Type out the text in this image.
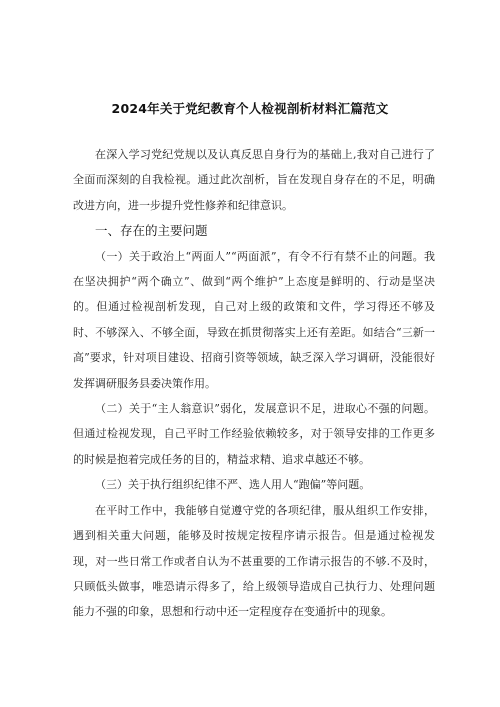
2024年关于党纪教育个人检视剖析材料汇篇范文

在深入学习党纪党规以及认真反思自身行为的基础上,我对自己进行了全面而深刻的自我检视。通过此次剖析，旨在发现自身存在的不足，明确改进方向，进一步提升党性修养和纪律意识。

一、存在的主要问题

（一）关于政治上“两面人”“两面派”，有令不行有禁不止的问题。我在坚决拥护“两个确立”、做到“两个维护”上态度是鲜明的、行动是坚决的。但通过检视剖析发现，自己对上级的政策和文件，学习得还不够及时、不够深入、不够全面，导致在抓贯彻落实上还有差距。如结合“三新一高”要求，针对项目建设、招商引资等领域，缺乏深入学习调研，没能很好发挥调研服务县委决策作用。

（二）关于“主人翁意识”弱化，发展意识不足，进取心不强的问题。但通过检视发现，自己平时工作经验依赖较多，对于领导安排的工作更多的时候是抱着完成任务的目的，精益求精、追求卓越还不够。

（三）关于执行组织纪律不严、选人用人“跑偏”等问题。

在平时工作中，我能够自觉遵守党的各项纪律，服从组织工作安排，遇到相关重大问题，能够及时按规定按程序请示报告。但是通过检视发现，对一些日常工作或者自认为不甚重要的工作请示报告的不够.不及时，只顾低头做事，唯恐请示得多了，给上级领导造成自己执行力、处理问题能力不强的印象，思想和行动中还一定程度存在变通折中的现象。
